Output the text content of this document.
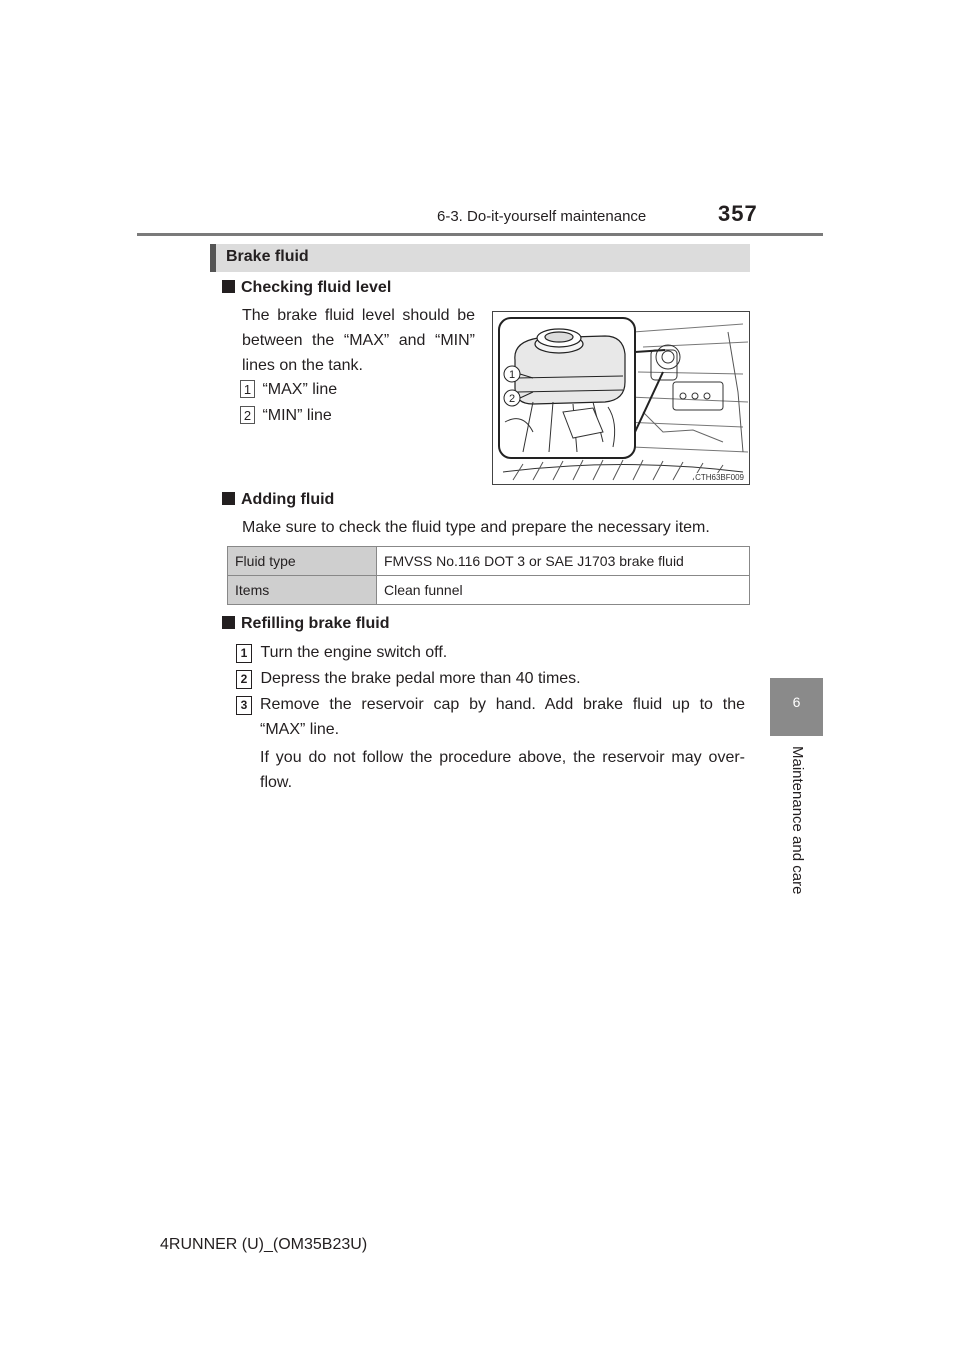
6-3. Do-it-yourself maintenance	357
6
Maintenance and care
Brake fluid
Checking fluid level
The brake fluid level should be
between the “MAX” and “MIN”
lines on the tank.
1 “MAX” line
2 “MIN” line
1
2
CTH63BF009
Adding fluid
Make sure to check the fluid type and prepare the necessary item.
Fluid type	FMVSS No.116 DOT 3 or SAE J1703 brake fluid
Items	Clean funnel
Refilling brake fluid
1 Turn the engine switch off.
2 Depress the brake pedal more than 40 times.
3 Remove the reservoir cap by hand. Add brake fluid up to the
“MAX” line.
If you do not follow the procedure above, the reservoir may over-
flow.
4RUNNER (U)_(OM35B23U)
